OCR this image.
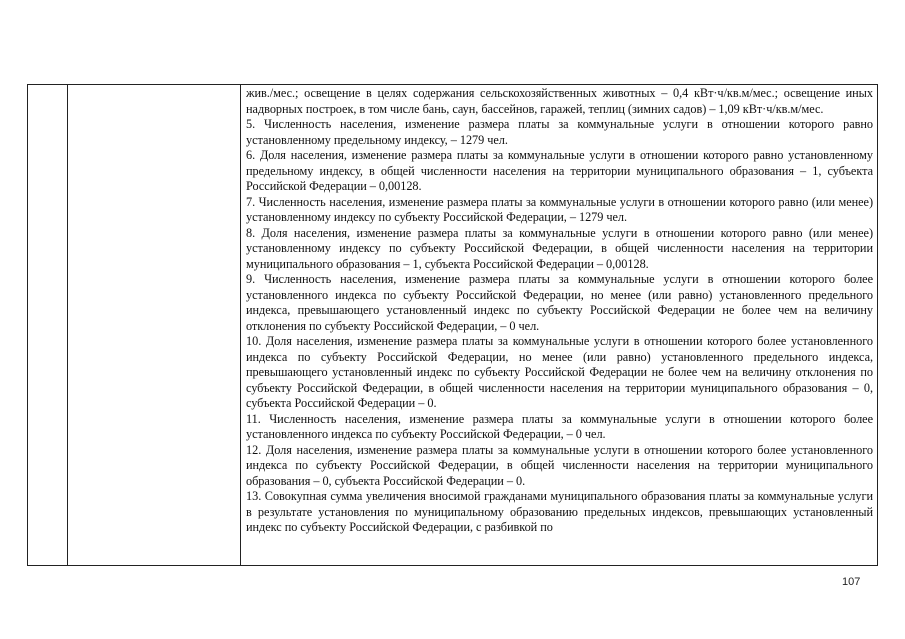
жив./мес.; освещение в целях содержания сельскохозяйственных животных – 0,4 кВт·ч/кв.м/мес.; освещение иных надворных построек, в том числе бань, саун, бассейнов, гаражей, теплиц (зимних садов) – 1,09 кВт·ч/кв.м/мес.

5. Численность населения, изменение размера платы за коммунальные услуги в отношении которого равно установленному предельному индексу, – 1279 чел.

6. Доля населения, изменение размера платы за коммунальные услуги в отношении которого равно установленному предельному индексу, в общей численности населения на территории муниципального образования – 1, субъекта Российской Федерации – 0,00128.

7. Численность населения, изменение размера платы за коммунальные услуги в отношении которого равно (или менее) установленному индексу по субъекту Российской Федерации, – 1279 чел.

8. Доля населения, изменение размера платы за коммунальные услуги в отношении которого равно (или менее) установленному индексу по субъекту Российской Федерации, в общей численности населения на территории муниципального образования – 1, субъекта Российской Федерации – 0,00128.

9. Численность населения, изменение размера платы за коммунальные услуги в отношении которого более установленного индекса по субъекту Российской Федерации, но менее (или равно) установленного предельного индекса, превышающего установленный индекс по субъекту Российской Федерации не более чем на величину отклонения по субъекту Российской Федерации, – 0 чел.

10. Доля населения, изменение размера платы за коммунальные услуги в отношении которого более установленного индекса по субъекту Российской Федерации, но менее (или равно) установленного предельного индекса, превышающего установленный индекс по субъекту Российской Федерации не более чем на величину отклонения по субъекту Российской Федерации, в общей численности населения на территории муниципального образования – 0, субъекта Российской Федерации – 0.

11. Численность населения, изменение размера платы за коммунальные услуги в отношении которого более установленного индекса по субъекту Российской Федерации, – 0 чел.

12. Доля населения, изменение размера платы за коммунальные услуги в отношении которого более установленного индекса по субъекту Российской Федерации, в общей численности населения на территории муниципального образования – 0, субъекта Российской Федерации – 0.

13. Совокупная сумма увеличения вносимой гражданами муниципального образования платы за коммунальные услуги в результате установления по муниципальному образованию предельных индексов, превышающих установленный индекс по субъекту Российской Федерации, с разбивкой по

107
